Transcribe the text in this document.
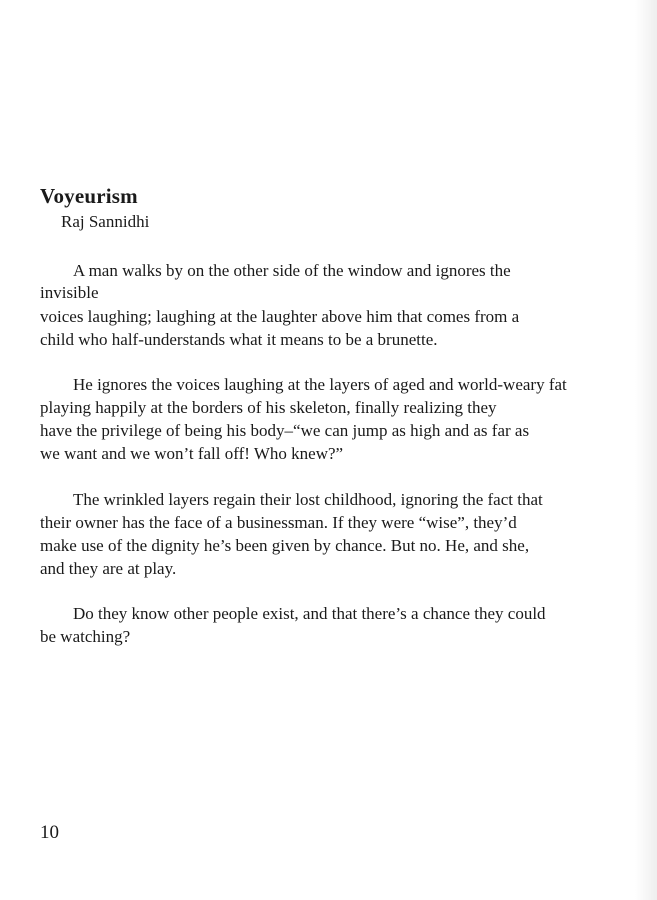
Voyeurism

Raj Sannidhi

A man walks by on the other side of the window and ignores the

invisible

voices laughing; laughing at the laughter above him that comes from a

child who half-understands what it means to be a brunette.

He ignores the voices laughing at the layers of aged and world-weary fat

playing happily at the borders of his skeleton, finally realizing they

have the privilege of being his body–“we can jump as high and as far as

we want and we won’t fall off! Who knew?”

The wrinkled layers regain their lost childhood, ignoring the fact that

their owner has the face of a businessman. If they were “wise”, they’d

make use of the dignity he’s been given by chance. But no. He, and she,

and they are at play.

Do they know other people exist, and that there’s a chance they could

be watching?

10
